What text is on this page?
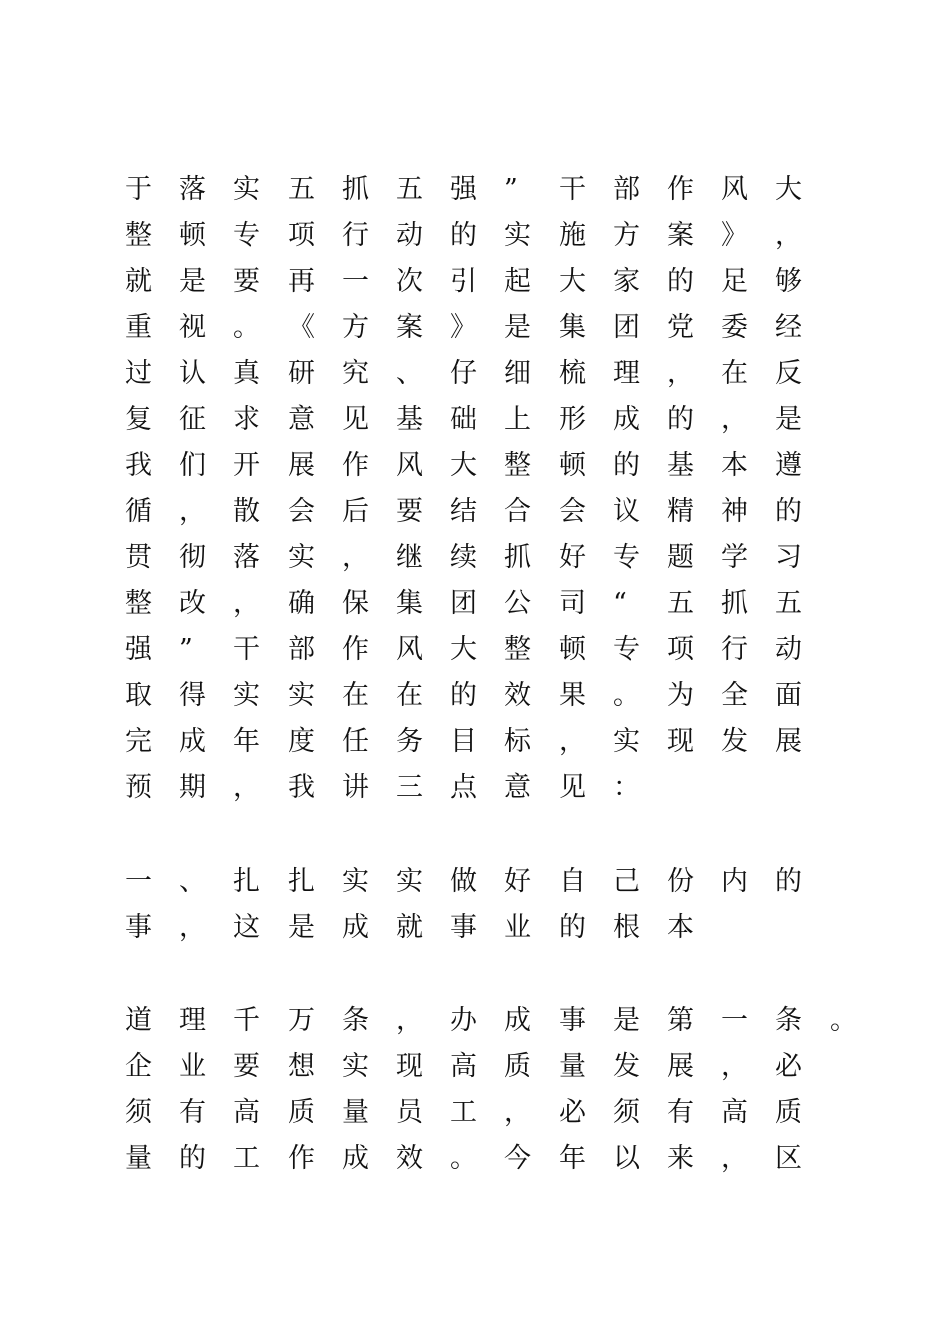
于	落	实	五	抓	五	强	”	干	部	作	风	大
整	顿	专	项	行	动	的	实	施	方	案	》	，
就	是	要	再	一	次	引	起	大	家	的	足	够
重	视	。	《	方	案	》	是	集	团	党	委	经
过	认	真	研	究	、	仔	细	梳	理	，	在	反
复	征	求	意	见	基	础	上	形	成	的	，	是
我	们	开	展	作	风	大	整	顿	的	基	本	遵
循	，	散	会	后	要	结	合	会	议	精	神	的
贯	彻	落	实	，	继	续	抓	好	专	题	学	习
整	改	，	确	保	集	团	公	司	“	五	抓	五
强	”	干	部	作	风	大	整	顿	专	项	行	动
取	得	实	实	在	在	的	效	果	。	为	全	面
完	成	年	度	任	务	目	标	，	实	现	发	展
预	期	，	我	讲	三	点	意	见	：
一	、	扎	扎	实	实	做	好	自	己	份	内	的
事	，	这	是	成	就	事	业	的	根	本
道	理	千	万	条	，	办	成	事	是	第	一	条	。
企	业	要	想	实	现	高	质	量	发	展	，	必
须	有	高	质	量	员	工	，	必	须	有	高	质
量	的	工	作	成	效	。	今	年	以	来	，	区
